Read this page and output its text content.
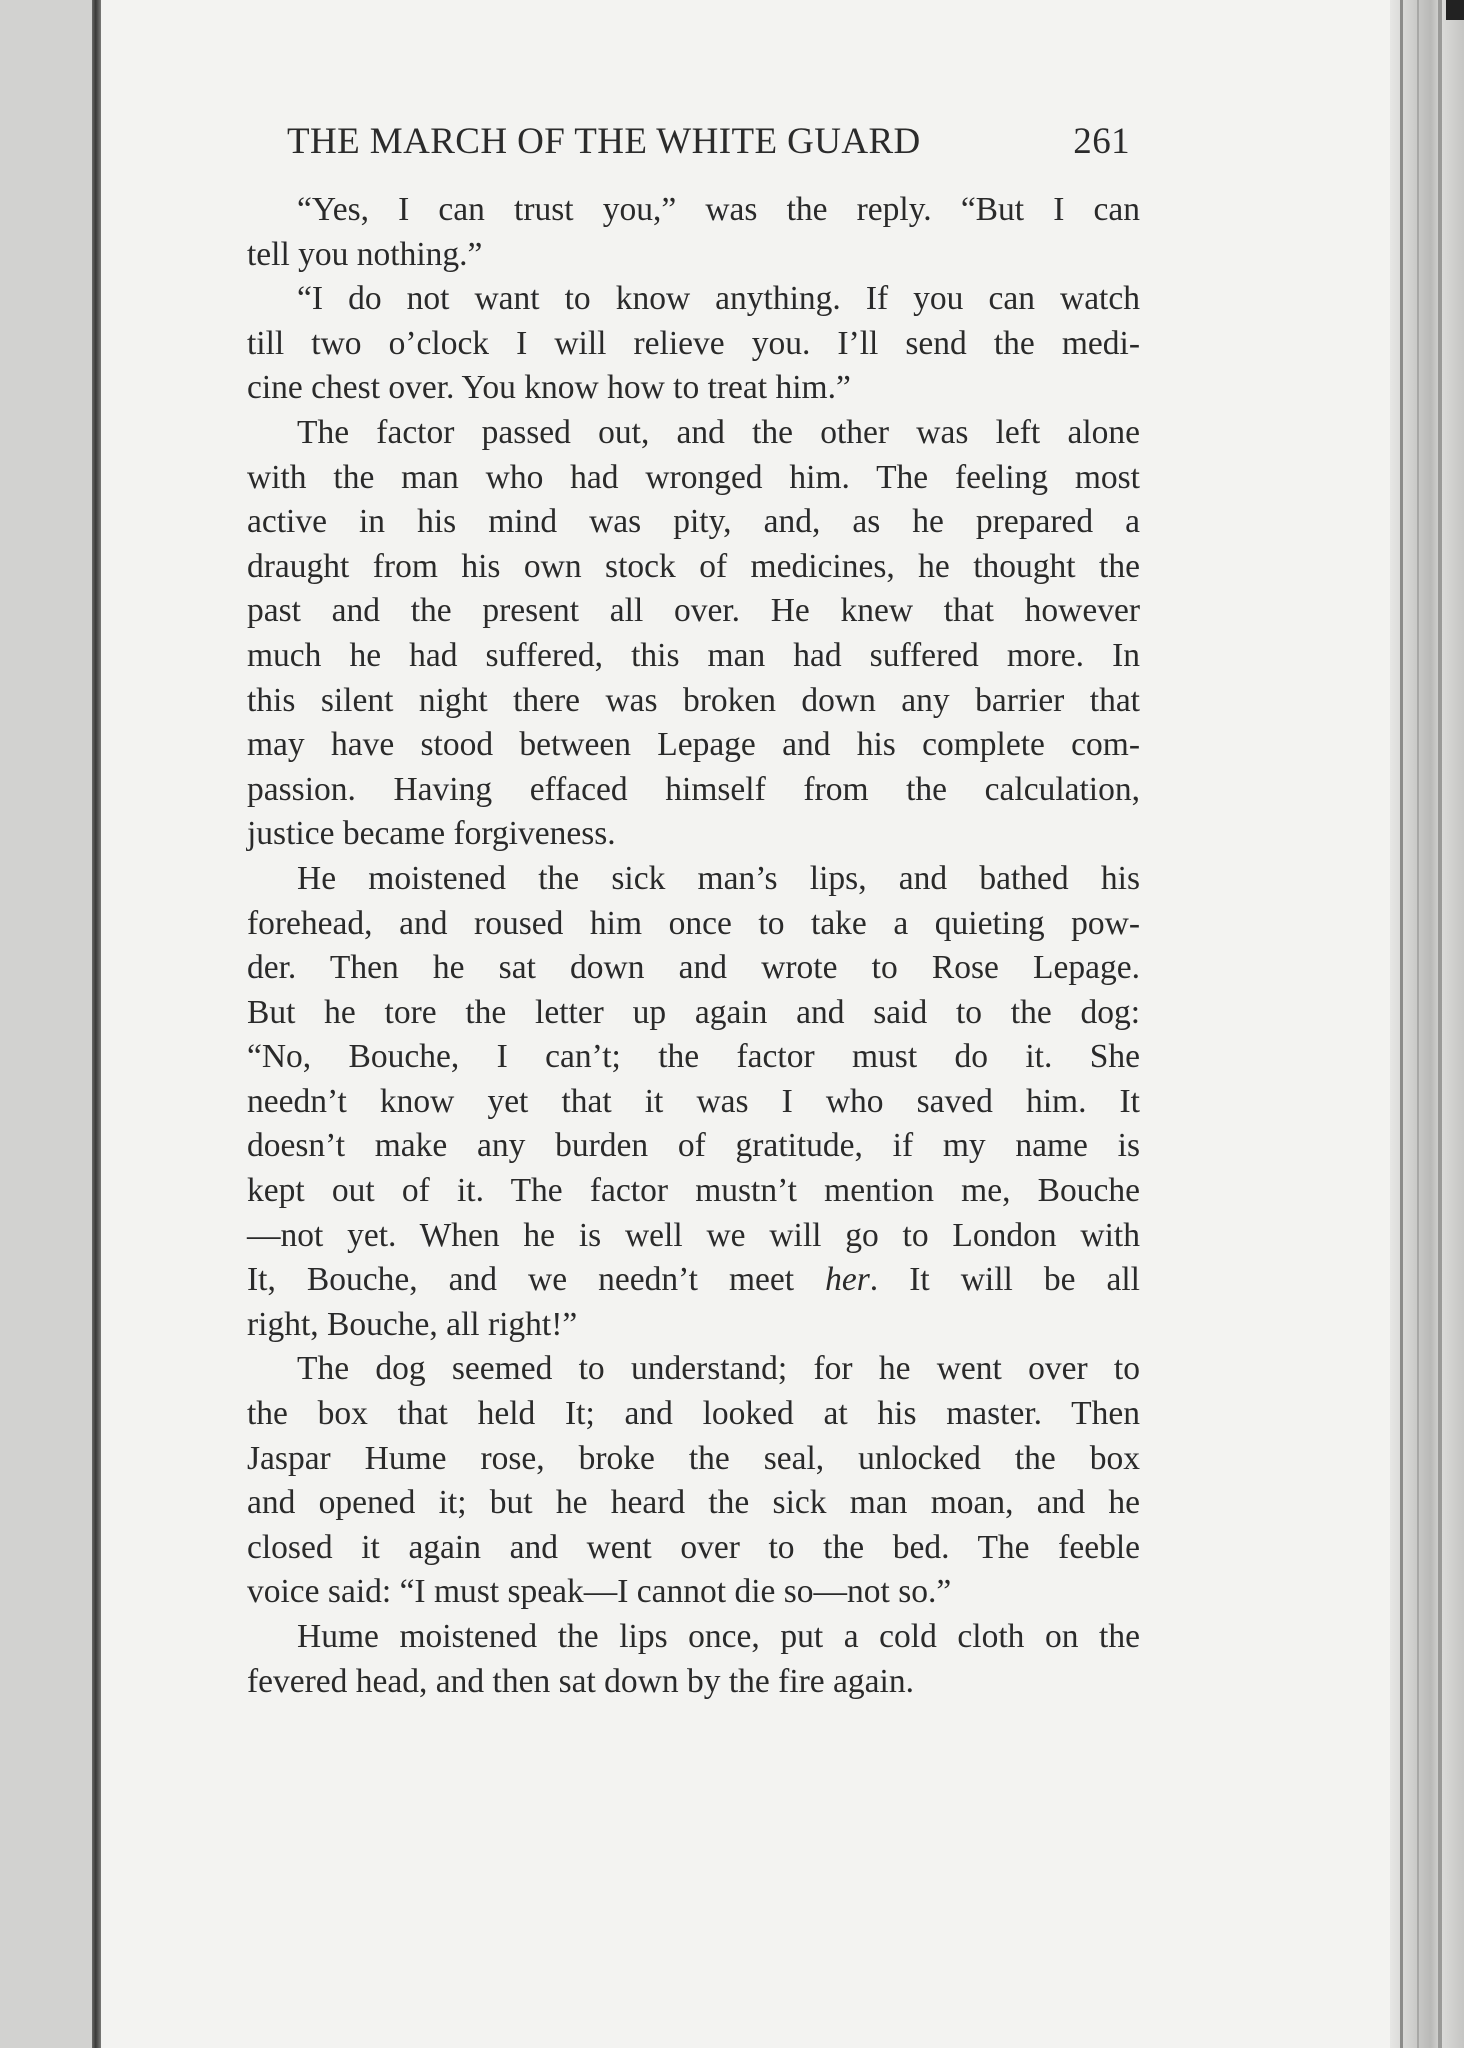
THE MARCH OF THE WHITE GUARD	261
“Yes, I can trust you,” was the reply. “But I can
tell you nothing.”
“I do not want to know anything. If you can watch
till two o’clock I will relieve you. I’ll send the medi-
cine chest over. You know how to treat him.”
The factor passed out, and the other was left alone
with the man who had wronged him. The feeling most
active in his mind was pity, and, as he prepared a
draught from his own stock of medicines, he thought the
past and the present all over. He knew that however
much he had suffered, this man had suffered more. In
this silent night there was broken down any barrier that
may have stood between Lepage and his complete com-
passion. Having effaced himself from the calculation,
justice became forgiveness.
He moistened the sick man’s lips, and bathed his
forehead, and roused him once to take a quieting pow-
der. Then he sat down and wrote to Rose Lepage.
But he tore the letter up again and said to the dog:
“No, Bouche, I can’t; the factor must do it. She
needn’t know yet that it was I who saved him. It
doesn’t make any burden of gratitude, if my name is
kept out of it. The factor mustn’t mention me, Bouche
—not yet. When he is well we will go to London with
It, Bouche, and we needn’t meet her. It will be all
right, Bouche, all right!”
The dog seemed to understand; for he went over to
the box that held It; and looked at his master. Then
Jaspar Hume rose, broke the seal, unlocked the box
and opened it; but he heard the sick man moan, and he
closed it again and went over to the bed. The feeble
voice said: “I must speak—I cannot die so—not so.”
Hume moistened the lips once, put a cold cloth on the
fevered head, and then sat down by the fire again.
